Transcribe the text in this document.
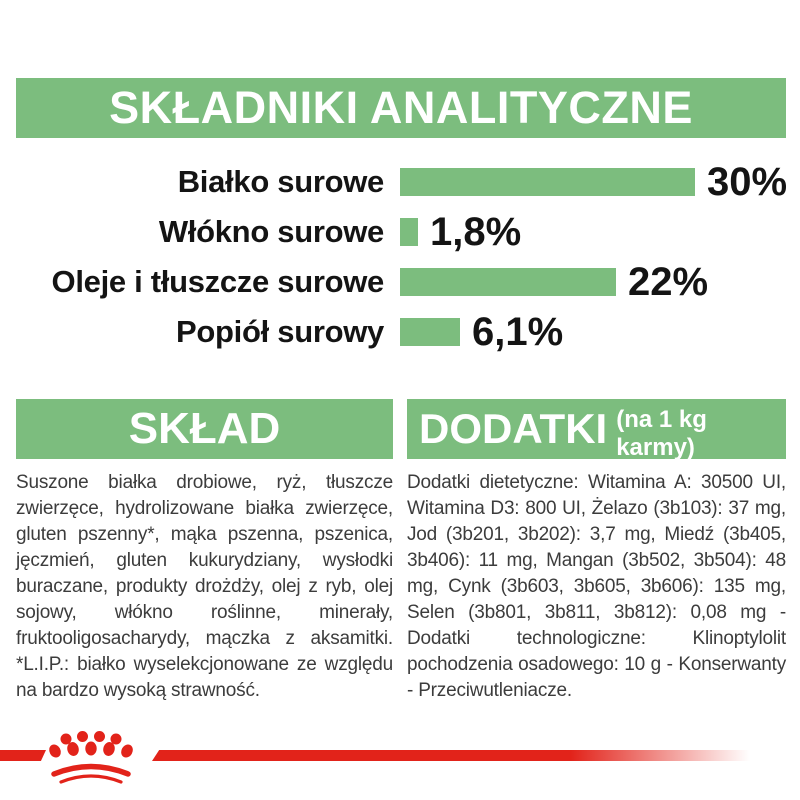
SKŁADNIKI ANALITYCZNE
Białko surowe	30%
Włókno surowe 1,8%
Oleje i tłuszcze surowe	22%
Popiół surowy 6,1%
SKŁAD

Suszone białka drobiowe, ryż, tłuszcze zwierzęce, hydrolizowane białka zwierzęce, gluten pszenny*, mąka pszenna, pszenica, jęczmień, gluten kukurydziany, wysłodki buraczane, produkty drożdży, olej z ryb, olej sojowy, włókno roślinne, minerały, fruktooligosacharydy, mączka z aksamitki. *L.I.P.: białko wyselekcjonowane ze względu na bardzo wysoką strawność.

DODATKI (na 1 kg karmy)

Dodatki dietetyczne: Witamina A: 30500 UI, Witamina D3: 800 UI, Żelazo (3b103): 37 mg, Jod (3b201, 3b202): 3,7 mg, Miedź (3b405, 3b406): 11 mg, Mangan (3b502, 3b504): 48 mg, Cynk (3b603, 3b605, 3b606): 135 mg, Selen (3b801, 3b811, 3b812): 0,08 mg - Dodatki technologiczne: Klinoptylolit pochodzenia osadowego: 10 g - Konserwanty - Przeciwutleniacze.
